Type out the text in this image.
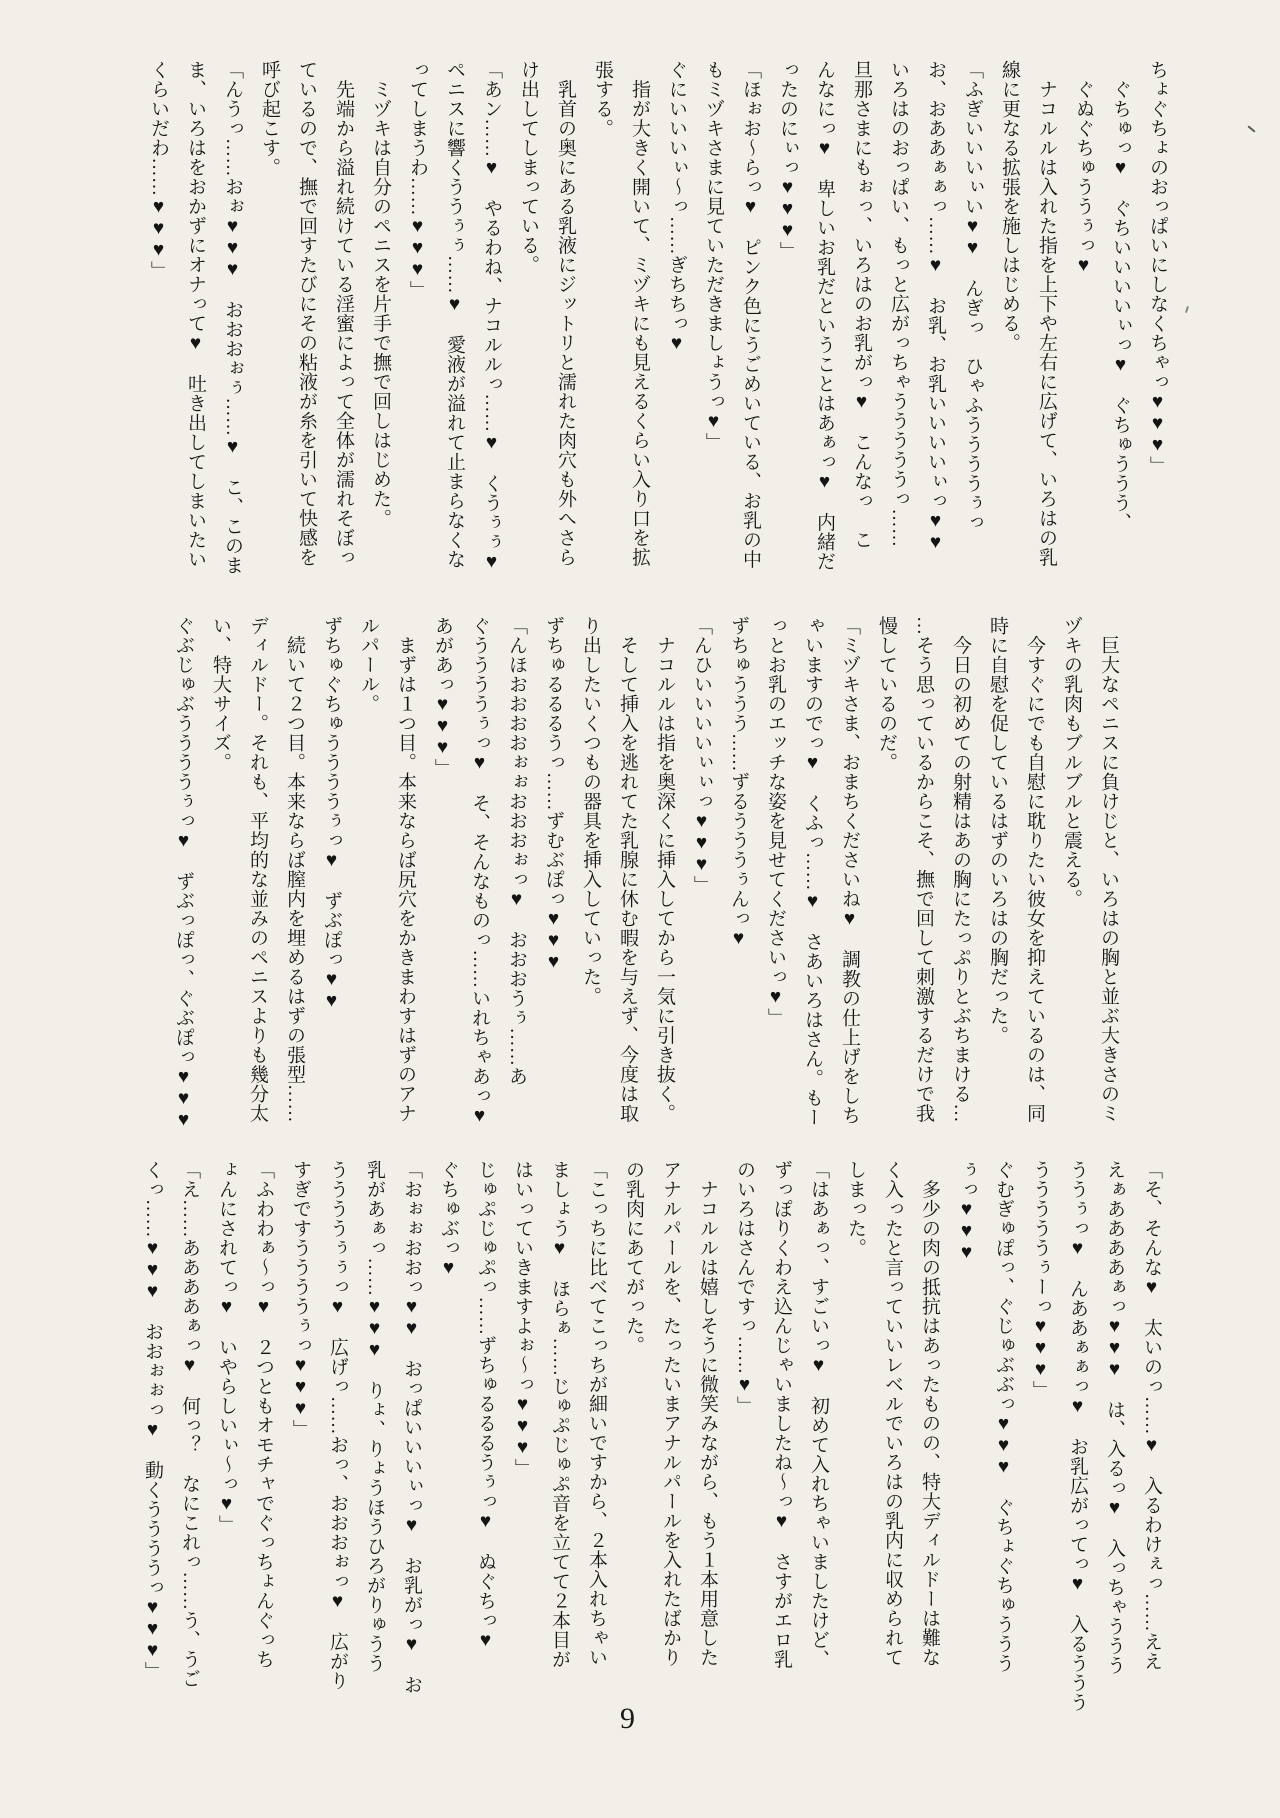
ちょぐちょのおっぱいにしなくちゃっ♥♥♥」

　ぐちゅっ♥　ぐちいいいいぃっ♥　ぐちゅううう、

　ぐぬぐちゅううぅっ♥

　ナコルルは入れた指を上下や左右に広げて、いろはの乳

線に更なる拡張を施しはじめる。

「ふぎいいいぃい♥♥　んぎっ　ひゃふううううぅっ

お、おああぁぁっ……♥　お乳、お乳いいいいぃっ♥♥

いろはのおっぱい、もっと広がっちゃうううううっ……

旦那さまにもぉっ、いろはのお乳がっ♥　こんなっ　こ

んなにっ♥　卑しいお乳だということはあぁっ♥　内緒だ

ったのにぃっ♥♥♥」

「ほぉお〜らっ♥　ピンク色にうごめいている、お乳の中

もミヅキさまに見ていただきましょうっ♥」

ぐにいいいぃ〜っ……ぎちちっ♥

　指が大きく開いて、ミヅキにも見えるくらい入り口を拡

張する。

　乳首の奥にある乳液にジットリと濡れた肉穴も外へさら

け出してしまっている。

「あン……♥　やるわね、ナコルルっ……♥　くうぅぅ♥

ペニスに響くううぅぅ……♥　愛液が溢れて止まらなくな

ってしまうわ……♥♥♥」

　ミヅキは自分のペニスを片手で撫で回しはじめた。

　先端から溢れ続けている淫蜜によって全体が濡れそぼっ

ているので、撫で回すたびにその粘液が糸を引いて快感を

呼び起こす。

「んうっ……おぉ♥♥♥　おおおぉぅ……♥　こ、このま

ま、いろはをおかずにオナって♥　吐き出してしまいたい

くらいだわ……♥♥♥」

　巨大なペニスに負けじと、いろはの胸と並ぶ大きさのミ

ヅキの乳肉もブルブルと震える。

　今すぐにでも自慰に耽りたい彼女を抑えているのは、同

時に自慰を促しているはずのいろはの胸だった。

　今日の初めての射精はあの胸にたっぷりとぶちまける…

…そう思っているからこそ、撫で回して刺激するだけで我

慢しているのだ。

「ミヅキさま、おまちくださいね♥　調教の仕上げをしち

ゃいますのでっ♥　くふっ……♥　さあいろはさん。もー

っとお乳のエッチな姿を見せてくださいっ♥」

ずちゅううう……ずるうううぅんっ♥

「んひいいいいぃぃっ♥♥♥」

　ナコルルは指を奥深くに挿入してから一気に引き抜く。

　そして挿入を逃れてた乳腺に休む暇を与えず、今度は取

り出したいくつもの器具を挿入していった。

ずちゅるるるうっ……ずむぶぽっ♥♥♥

「んほおおおおぉぉおおおぉっ♥　おおおうぅ……あ

ぐううううぅっ♥　そ、そんなものっ……いれちゃあっ♥

あがあっ♥♥♥」

　まずは１つ目。本来ならば尻穴をかきまわすはずのアナ

ルパール。

ずちゅぐちゅううううぅっ♥　ずぶぽっ♥♥

　続いて２つ目。本来ならば膣内を埋めるはずの張型……

ディルドー。それも、平均的な並みのペニスよりも幾分太

い、特大サイズ。

ぐぶじゅぶううううぅっ♥　ずぶっぽっ、ぐぶぽっ♥♥♥

「そ、そんな♥　太いのっ……♥　入るわけぇっ……ええ

えぁああああぁっ♥♥♥　は、入るっ♥　入っちゃううう

ううぅっ♥　んああぁぁっ♥　お乳広がってっ♥　入るううう

うううううぅーっ♥♥♥」

ぐむぎゅぽっ、ぐじゅぶぶっ♥♥♥　ぐちょぐちゅううう

ぅっ♥♥♥

　多少の肉の抵抗はあったものの、特大ディルドーは難な

く入ったと言っていいレベルでいろはの乳内に収められて

しまった。

「はあぁっ、すごいっ♥　初めて入れちゃいましたけど、

ずっぽりくわえ込んじゃいましたね〜っ♥　さすがエロ乳

のいろはさんですっ……♥」

　ナコルルは嬉しそうに微笑みながら、もう１本用意した

アナルパールを、たったいまアナルパールを入れたばかり

の乳肉にあてがった。

「こっちに比べてこっちが細いですから、２本入れちゃい

ましょう♥　ほらぁ……じゅぷじゅぷ音を立てて２本目が

はいっていきますよぉ〜っ♥♥♥」

じゅぷじゅぷっ……ずちゅるるるうぅっ♥　ぬぐちっ♥

ぐちゅぶっ♥

「おぉぉおおっ♥♥　おっぱいいいぃっ♥　お乳がっ♥　お

乳があぁっ……♥♥♥　りょ、りょうほうひろがりゅうう

ううううぅぅっ♥　広げっ……おっ、おおおぉっ♥　広がり

すぎですううううぅっ♥♥♥」

「ふわわぁ〜っ♥　２つともオモチャでぐっちょんぐっち

ょんにされてっ♥　いやらしいぃ〜っ♥」

「え……ああああぁっ♥　何っ？　なにこれっ……う、うご

くっ……♥♥♥　おおぉぉっ♥　動くううううっ♥♥♥」

9
